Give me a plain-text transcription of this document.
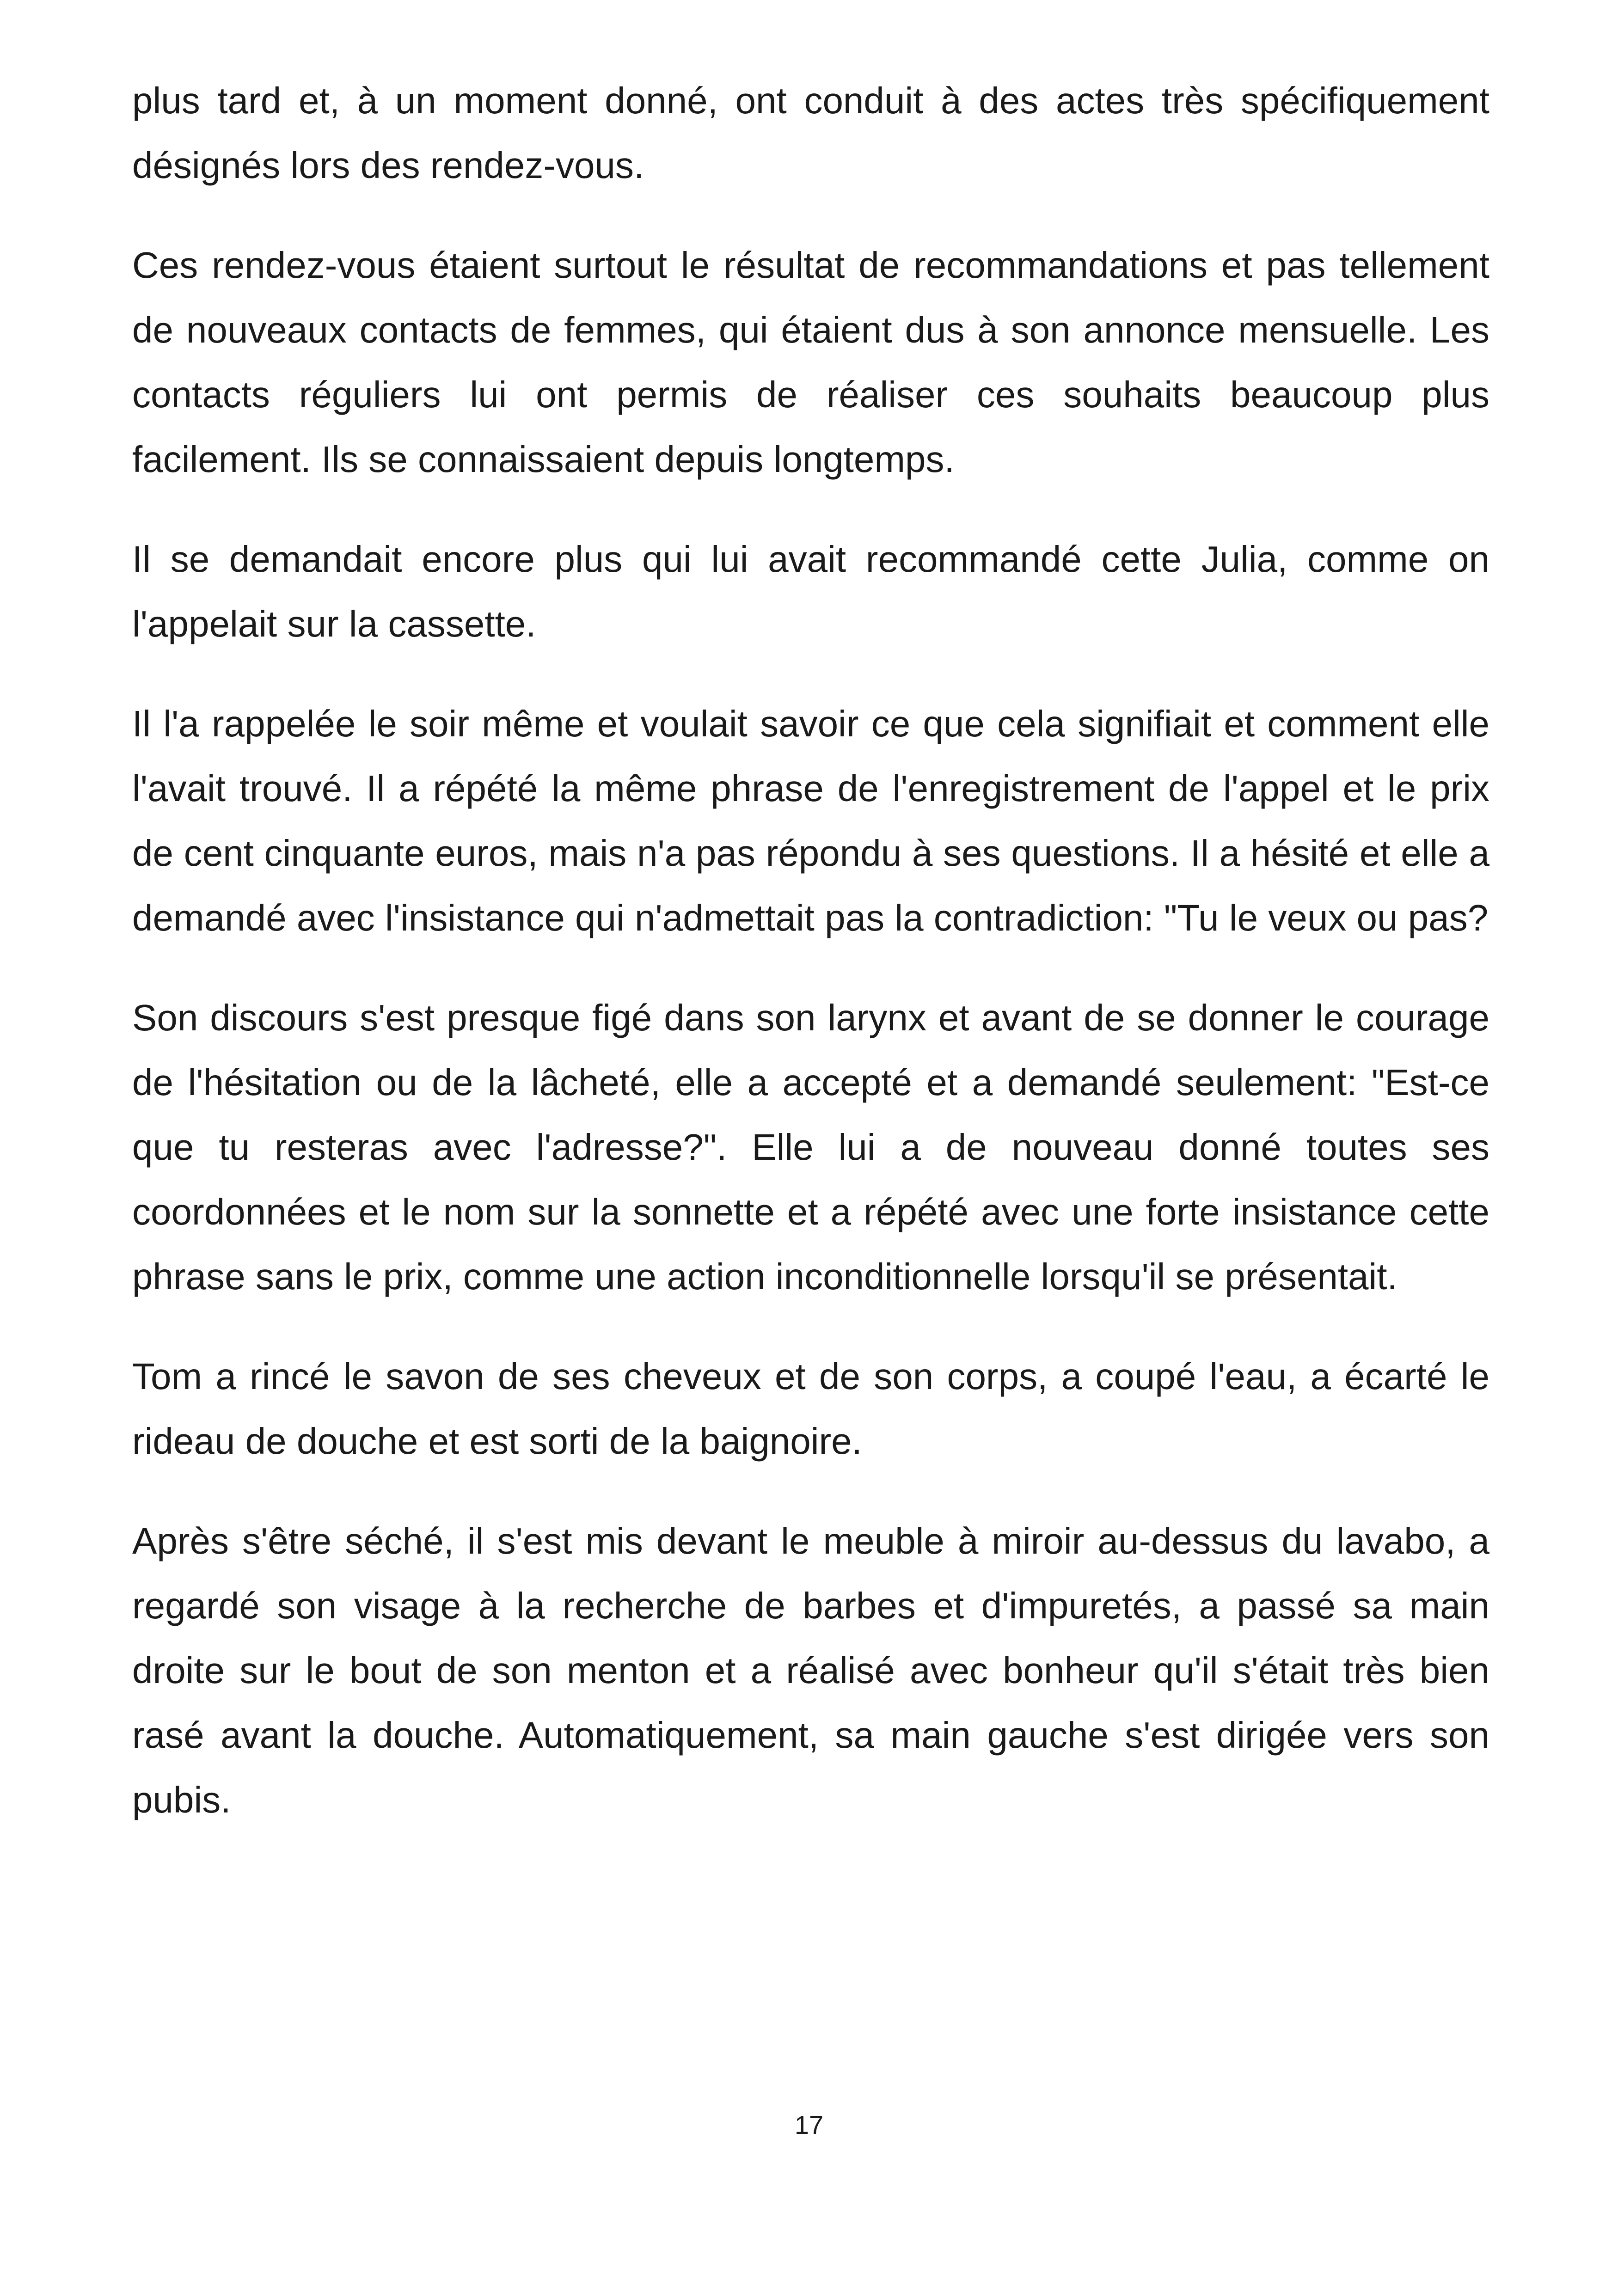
plus tard et, à un moment donné, ont conduit à des actes très spécifiquement désignés lors des rendez-vous.

Ces rendez-vous étaient surtout le résultat de recommandations et pas tellement de nouveaux contacts de femmes, qui étaient dus à son annonce mensuelle. Les contacts réguliers lui ont permis de réaliser ces souhaits beaucoup plus facilement. Ils se connaissaient depuis longtemps.

Il se demandait encore plus qui lui avait recommandé cette Julia, comme on l'appelait sur la cassette.

Il l'a rappelée le soir même et voulait savoir ce que cela signifiait et comment elle l'avait trouvé. Il a répété la même phrase de l'enregistrement de l'appel et le prix de cent cinquante euros, mais n'a pas répondu à ses questions. Il a hésité et elle a demandé avec l'insistance qui n'admettait pas la contradiction: "Tu le veux ou pas?

Son discours s'est presque figé dans son larynx et avant de se donner le courage de l'hésitation ou de la lâcheté, elle a accepté et a demandé seulement: "Est-ce que tu resteras avec l'adresse?". Elle lui a de nouveau donné toutes ses coordonnées et le nom sur la sonnette et a répété avec une forte insistance cette phrase sans le prix, comme une action inconditionnelle lorsqu'il se présentait.

Tom a rincé le savon de ses cheveux et de son corps, a coupé l'eau, a écarté le rideau de douche et est sorti de la baignoire.

Après s'être séché, il s'est mis devant le meuble à miroir au-dessus du lavabo, a regardé son visage à la recherche de barbes et d'impuretés, a passé sa main droite sur le bout de son menton et a réalisé avec bonheur qu'il s'était très bien rasé avant la douche. Automatiquement, sa main gauche s'est dirigée vers son pubis.

17
